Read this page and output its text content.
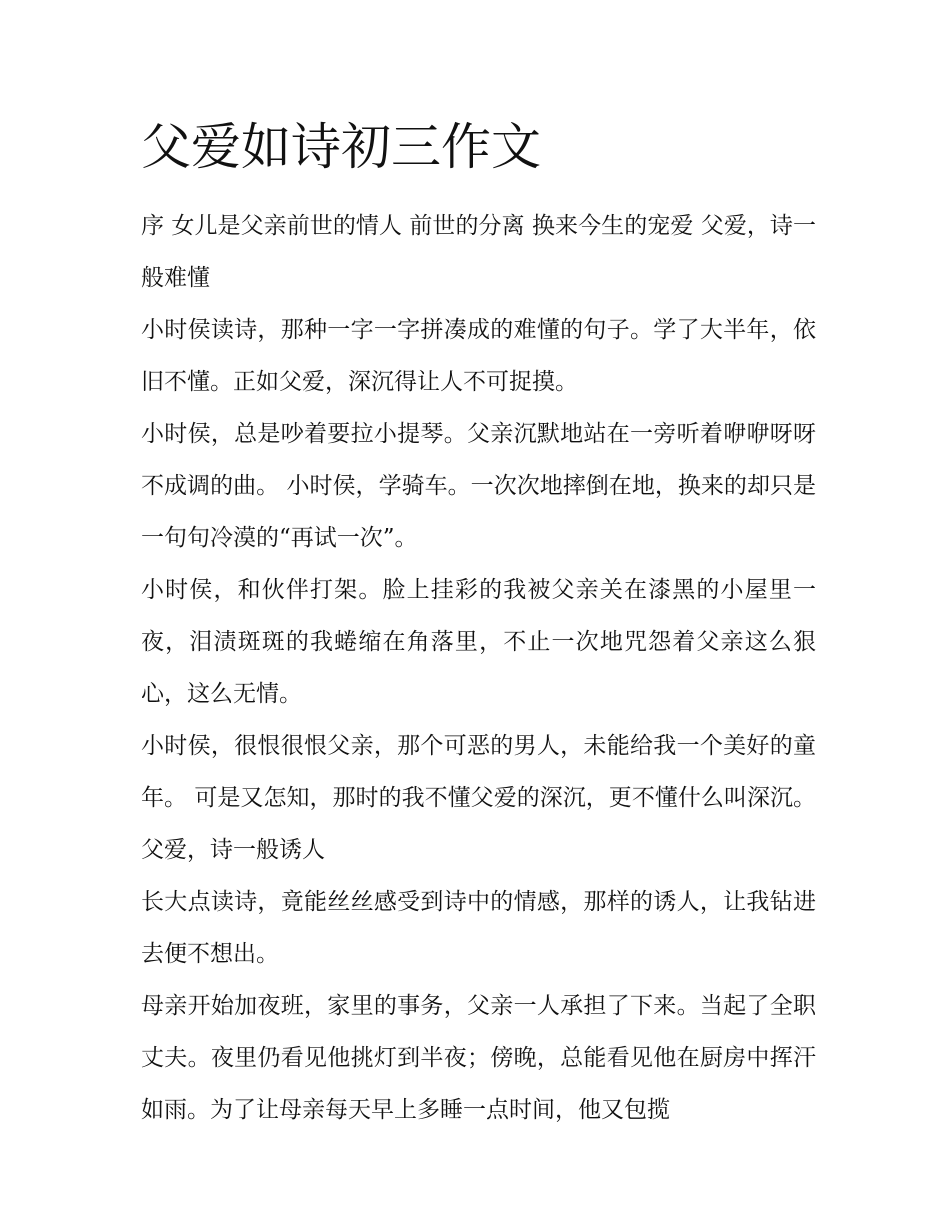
父爱如诗初三作文

序 女儿是父亲前世的情人 前世的分离 换来今生的宠爱 父爱，诗一般难懂

小时侯读诗，那种一字一字拼凑成的难懂的句子。学了大半年，依旧不懂。正如父爱，深沉得让人不可捉摸。

小时侯，总是吵着要拉小提琴。父亲沉默地站在一旁听着咿咿呀呀不成调的曲。 小时侯，学骑车。一次次地摔倒在地，换来的却只是一句句冷漠的“再试一次”。

小时侯，和伙伴打架。脸上挂彩的我被父亲关在漆黑的小屋里一夜，泪渍斑斑的我蜷缩在角落里，不止一次地咒怨着父亲这么狠心，这么无情。

小时侯，很恨很恨父亲，那个可恶的男人，未能给我一个美好的童年。 可是又怎知，那时的我不懂父爱的深沉，更不懂什么叫深沉。 父爱，诗一般诱人

长大点读诗，竟能丝丝感受到诗中的情感，那样的诱人，让我钻进去便不想出。

母亲开始加夜班，家里的事务，父亲一人承担了下来。当起了全职丈夫。夜里仍看见他挑灯到半夜；傍晚，总能看见他在厨房中挥汗如雨。为了让母亲每天早上多睡一点时间，他又包揽
